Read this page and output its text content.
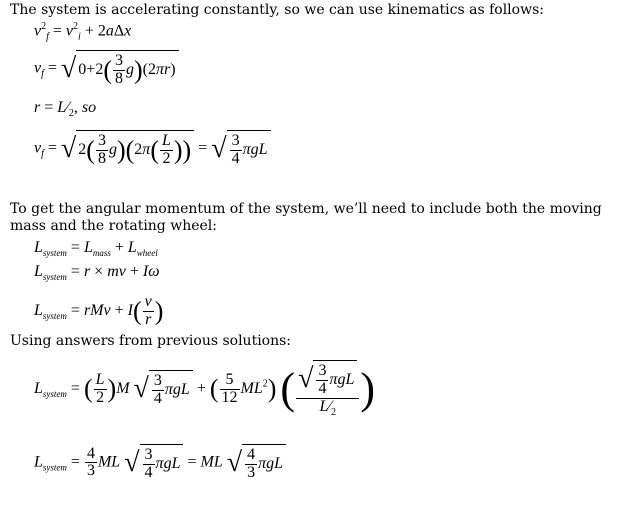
The system is accelerating constantly, so we can use kinematics as follows:
$v^2_f = v^2_i + 2a\Delta x$
$v_f$ = √ $0+2( \frac{3}{8} g)(2\pi r)$
$r = L⁄_2$, so
$v_f$ = √ $2( \frac{3}{8} g)(2\pi( \frac{L}{2}$ )) = √ $\frac{3}{4}$ πgL
To get the angular momentum of the system, we’ll need to include both the moving mass and the rotating wheel:
$L_{system} = L_{mass} + L_{wheel}$
$L_{system} = r$ × mv + Iω
$L_{system}$ = rMv + $I( \frac{v}{r}$ )
Using answers from previous solutions:
$L_{system}$ = ( $\frac{L}{2} )M$ √ $\frac{3}{4}$ πgL + ( $\frac{5}{12} ML^2$) ( $\frac{√ \frac{3}{4} \pi gL}{L⁄_2}$ )
$L_{system} = \frac{4}{3}$ ML √ $\frac{3}{4}$ πgL = ML √ $\frac{4}{3}$ πgL
